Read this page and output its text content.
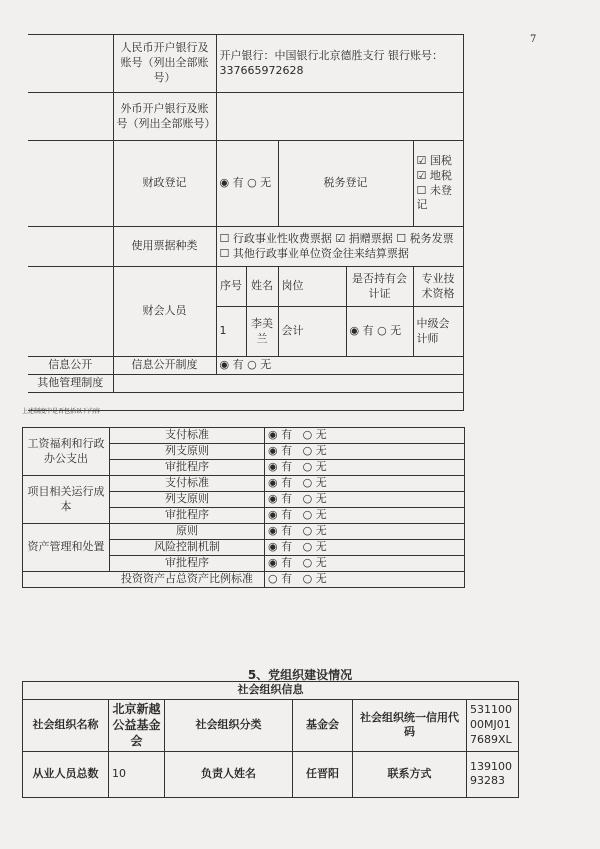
7

	人民币开户银行及账号（列出全部账号）	开户银行：中国银行北京德胜支行 银行账号：337665972628				
	外币开户银行及账号（列出全部账号）					
	财政登记	◉ 有 ○ 无		税务登记		☑ 国税
☑ 地税
☐ 未登记
	使用票据种类	☐ 行政事业性收费票据 ☑ 捐赠票据 ☐ 税务发票 ☐ 其他行政事业单位资金往来结算票据				
	财会人员	序号	姓名	岗位	是否持有会计证	专业技术资格
		1	李美兰	会计	◉ 有 ○ 无	中级会计师
信息公开	信息公开制度	◉ 有 ○ 无				
其他管理制度						

上述制度中是否包括以下内容
工资福利和行政办公支出	支付标准	◉ 有 ○ 无
	列支原则	◉ 有 ○ 无
	审批程序	◉ 有 ○ 无
项目相关运行成本	支付标准	◉ 有 ○ 无
	列支原则	◉ 有 ○ 无
	审批程序	◉ 有 ○ 无
资产管理和处置	原则	◉ 有 ○ 无
	风险控制机制	◉ 有 ○ 无
	审批程序	◉ 有 ○ 无
投资资产占总资产比例标准		○ 有 ○ 无
5、党组织建设情况
社会组织信息					
社会组织名称	北京新越公益基金会	社会组织分类	基金会	社会组织统一信用代码	53110000MJ017689XL
从业人员总数	10	负责人姓名	任晋阳	联系方式	13910093283
